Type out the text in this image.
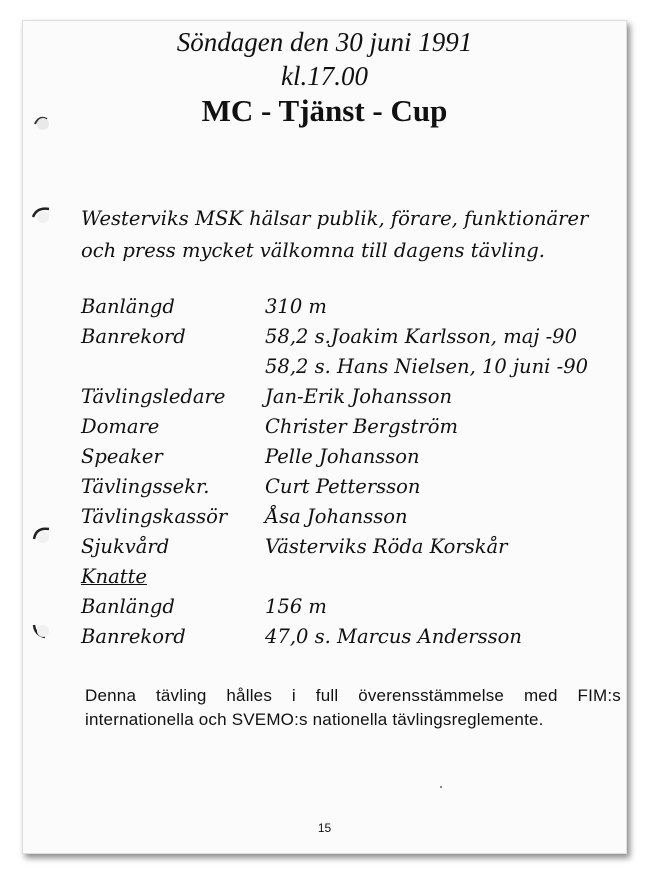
Söndagen den 30 juni 1991
kl.17.00
MC - Tjänst - Cup
Westerviks MSK hälsar publik, förare, funktionärer och press mycket välkomna till dagens tävling.
Banlängd	310 m
Banrekord	58,2 s.Joakim Karlsson, maj -90
58,2 s. Hans Nielsen, 10 juni -90
Tävlingsledare Jan-Erik Johansson
Domare	Christer Bergström
Speaker	Pelle Johansson
Tävlingssekr.	Curt Pettersson
Tävlingskassör Åsa Johansson
Sjukvård	Västerviks Röda Korskår
Knatte
Banlängd	156 m
Banrekord	47,0 s. Marcus Andersson
Denna tävling hålles i full överensstämmelse med FIM:s internationella och SVEMO:s nationella tävlingsreglemente.
15
